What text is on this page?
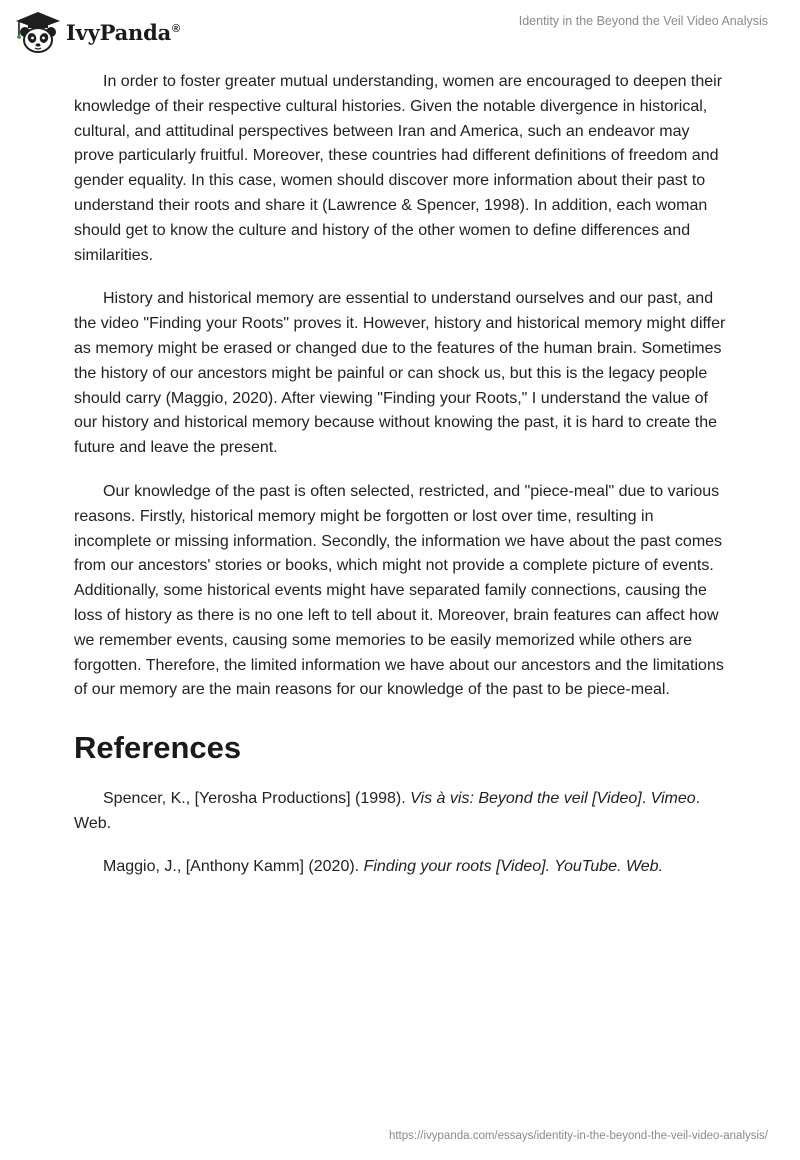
IvyPanda®
Identity in the Beyond the Veil Video Analysis

In order to foster greater mutual understanding, women are encouraged to deepen their knowledge of their respective cultural histories. Given the notable divergence in historical, cultural, and attitudinal perspectives between Iran and America, such an endeavor may prove particularly fruitful. Moreover, these countries had different definitions of freedom and gender equality. In this case, women should discover more information about their past to understand their roots and share it (Lawrence & Spencer, 1998). In addition, each woman should get to know the culture and history of the other women to define differences and similarities.

History and historical memory are essential to understand ourselves and our past, and the video "Finding your Roots" proves it. However, history and historical memory might differ as memory might be erased or changed due to the features of the human brain. Sometimes the history of our ancestors might be painful or can shock us, but this is the legacy people should carry (Maggio, 2020). After viewing "Finding your Roots," I understand the value of our history and historical memory because without knowing the past, it is hard to create the future and leave the present.

Our knowledge of the past is often selected, restricted, and "piece-meal" due to various reasons. Firstly, historical memory might be forgotten or lost over time, resulting in incomplete or missing information. Secondly, the information we have about the past comes from our ancestors' stories or books, which might not provide a complete picture of events. Additionally, some historical events might have separated family connections, causing the loss of history as there is no one left to tell about it. Moreover, brain features can affect how we remember events, causing some memories to be easily memorized while others are forgotten. Therefore, the limited information we have about our ancestors and the limitations of our memory are the main reasons for our knowledge of the past to be piece-meal.

References

Spencer, K., [Yerosha Productions] (1998). Vis à vis: Beyond the veil [Video]. Vimeo. Web.

Maggio, J., [Anthony Kamm] (2020). Finding your roots [Video]. YouTube. Web.

https://ivypanda.com/essays/identity-in-the-beyond-the-veil-video-analysis/
